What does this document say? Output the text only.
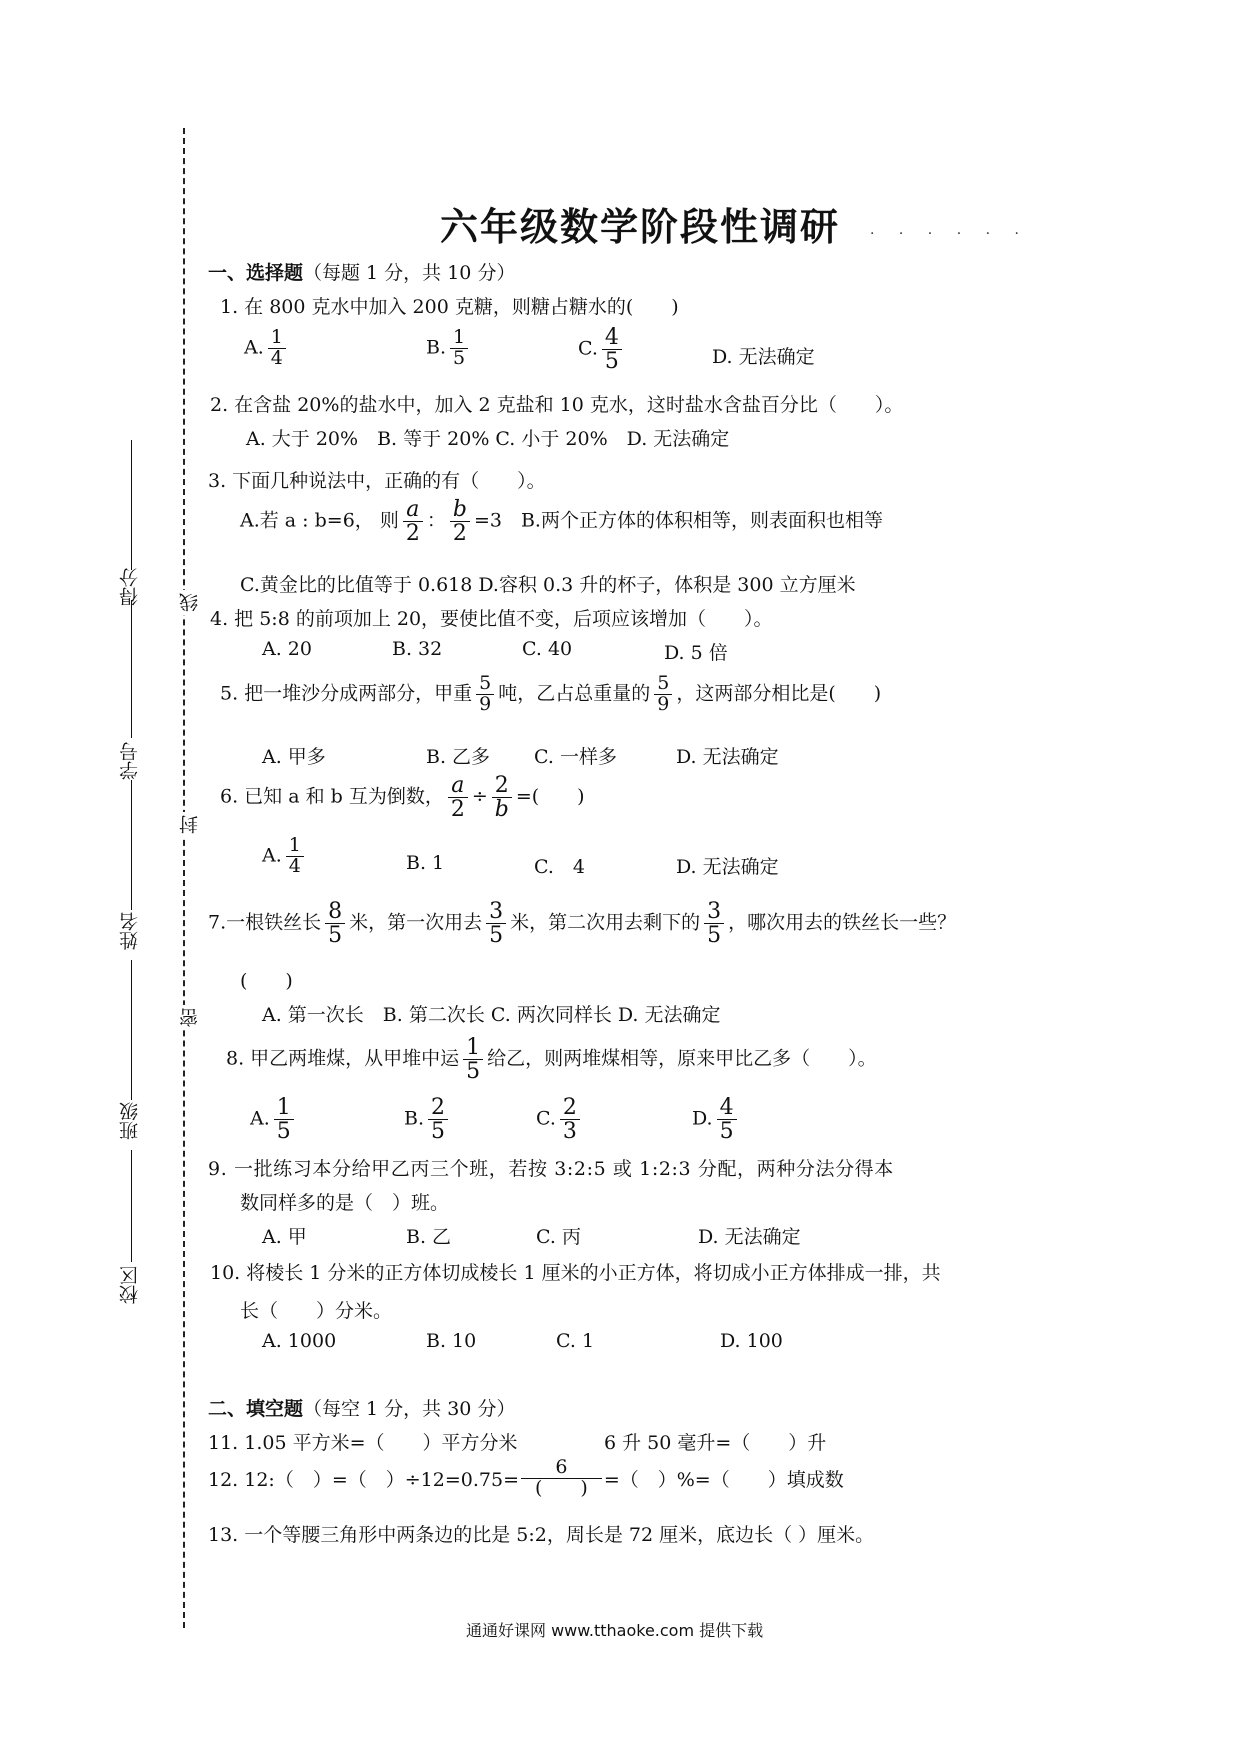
得分
学号
姓名
班级
校区
线
封
密
六年级数学阶段性调研 · · · · · ·
一、选择题（每题 1 分，共 10 分）
1. 在 800 克水中加入 200 克糖，则糖占糖水的(　　)
A. $\frac{1}{4}$	B. $\frac{1}{5}$	C. $\frac{4}{5}$	D. 无法确定
2. 在含盐 20%的盐水中，加入 2 克盐和 10 克水，这时盐水含盐百分比（　　）。
A. 大于 20%　B. 等于 20% C. 小于 20%　D. 无法确定
3. 下面几种说法中，正确的有（　　）。
A.若 a : b=6， 则 $\frac{a}{2}$ ： $\frac{b}{2} =3$　B.两个正方体的体积相等，则表面积也相等
C.黄金比的比值等于 0.618 D.容积 0.3 升的杯子，体积是 300 立方厘米
4. 把 5:8 的前项加上 20，要使比值不变，后项应该增加（　　）。
A. 20	B. 32	C. 40	D. 5 倍
5. 把一堆沙分成两部分，甲重 $\frac{5}{9}$ 吨，乙占总重量的 $\frac{5}{9}$ ，这两部分相比是(　　)
A. 甲多	B. 乙多 C. 一样多	D. 无法确定
6. 已知 a 和 b 互为倒数， $\frac{a}{2} \div \frac{2}{b}$ =(　　)
A. $\frac{1}{4}$	B. 1	C.　4	D. 无法确定
7.一根铁丝长 $\frac{8}{5}$ 米，第一次用去 $\frac{3}{5}$ 米，第二次用去剩下的 $\frac{3}{5}$ ，哪次用去的铁丝长一些？
(　　)
A. 第一次长　B. 第二次长 C. 两次同样长 D. 无法确定
8. 甲乙两堆煤，从甲堆中运 $\frac{1}{5}$ 给乙，则两堆煤相等，原来甲比乙多（　　）。
A. $\frac{1}{5}$	B. $\frac{2}{5}$	C. $\frac{2}{3}$	D. $\frac{4}{5}$
9. 一批练习本分给甲乙丙三个班，若按 3:2:5 或 1:2:3 分配，两种分法分得本
数同样多的是（　）班。
A. 甲	B. 乙	C. 丙	D. 无法确定
10. 将棱长 1 分米的正方体切成棱长 1 厘米的小正方体，将切成小正方体排成一排，共
长（　　）分米。
A. 1000	B. 10	C. 1	D. 100
二、填空题（每空 1 分，共 30 分）
11. 1.05 平方米=（　　）平方分米	6 升 50 毫升=（　　）升
12. 12:（　）=（　）$\div 12=0.75= \frac{6}{( )}$ =（　）%=（　　）填成数
13. 一个等腰三角形中两条边的比是 5:2，周长是 72 厘米，底边长（ ）厘米。
通通好课网 www.tthaoke.com 提供下载
